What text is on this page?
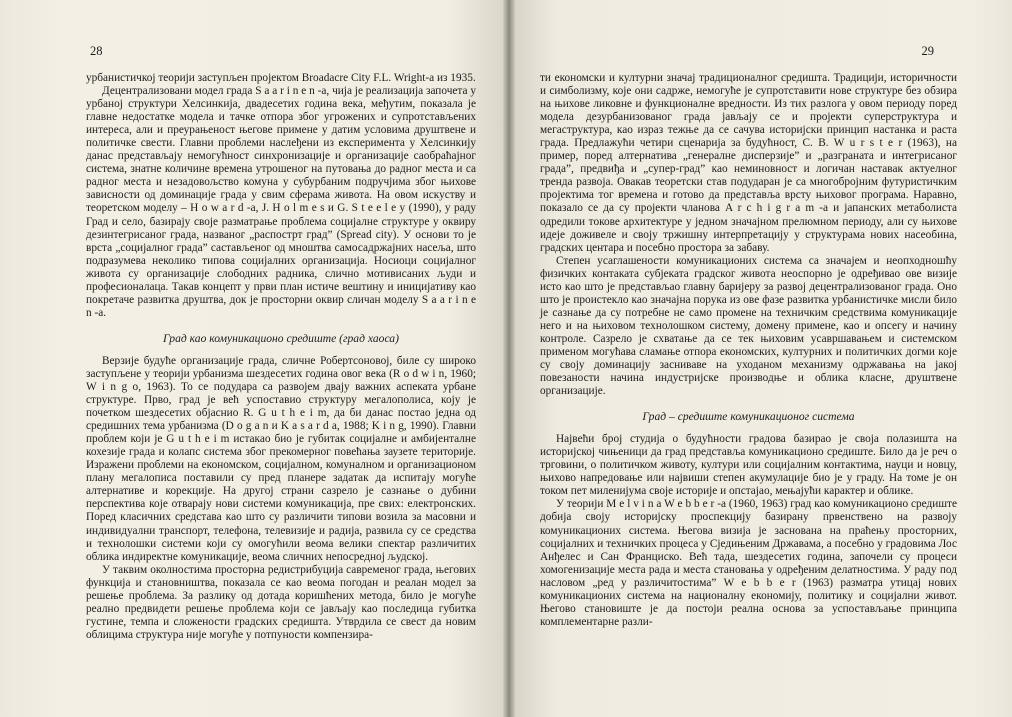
28

урбанистичкој теорији заступљен пројектом Broadacre City F.L. Wright-а из 1935.

Децентрализовани модел града S a a r i n e n -а, чија је реализација започета у урбаној структури Хелсинкија, двадесетих година века, међутим, показала је главне недостатке модела и тачке отпора због угрожених и супротстављених интереса, али и преурањеност његове примене у датим условима друштвене и политичке свести. Главни проблеми наслеђени из експеримента у Хелсинкију данас представљају немогућност синхронизације и организације саобраћајног система, знатне количине времена утрошеног на путовања до радног места и са радног места и незадовољство комуна у субурбаним подручјима због њихове зависности од доминације града у свим сферама живота. На овом искуству и теоретском моделу – H o w a r d -а, J. H o l m e s и G. S t e e l e y (1990), у раду Град и село, базирају своје разматрање проблема социјалне структуре у оквиру дезинтегрисаног града, названог „распострт град” (Spread city). У основи то је врста „социјалног града” састављеног од мноштва самосадржајних насеља, што подразумева неколико типова социјалних организација. Носиоци социјалног живота су организације слободних радника, слично мотивисаних људи и професионалаца. Такав концепт у први план истиче вештину и иницијативу као покретаче развитка друштва, док је просторни оквир сличан моделу S a a r i n e n -а.

Град као комуникационо средиште (град хаоса)

Верзије будуће организације града, сличне Робертсоновој, биле су широко заступљене у теорији урбанизма шездесетих година овог века (R o d w i n, 1960; W i n g o, 1963). То се подудара са развојем двају важних аспеката урбане структуре. Прво, град је већ успоставио структуру мегалополиса, којy je почетком шездесетих објаснио R. G u t h e i m, да би данас постао једна од средишних тема урбанизма (D o g a n и K a s a r d a, 1988; K i n g, 1990). Главни проблем који је G u t h e i m истакао био је губитак социјалне и амбијенталне кохезије града и колапс система због прекомерног повећања заузете територије. Изражени проблеми на економском, социјалном, комуналном и организационом плану мегалописа поставили су пред планере задатак да испитају могуће алтернативе и корекције. На другој страни сазрело је сазнање о дубини перспектива које отварају нови системи комуникација, пре свих: електронских. Поред класичних средстава као што су различити типови возила за масовни и индивидуални транспорт, телефона, телевизије и радија, развила су се средства и технолошки системи који су омогућили веома велики спектар различитих облика индиректне комуникације, веома сличних непосредној људској.

У таквим околностима просторна редистрибуција савременог града, његових функција и становништва, показала се као веома погодан и реалан модел за решење проблема. За разлику од дотада коришћених метода, било је могуће реално предвидети решење проблема који се јављају као последица губитка густине, темпа и сложености градских средишта. Утврдила се свест да новим облицима структура није могуће у потпуности компензира-

29

ти економски и културни значај традиционалног средишта. Традицији, историчности и симболизму, које они садрже, немогуће је супротставити нове структуре без обзира на њихове ликовне и функционалне вредности. Из тих разлога у овом периоду поред модела дезурбанизованог града јављају се и пројекти суперструктура и мегаструктура, као израз тежње да се сачува историјски принцип настанка и раста града. Предлажући четири сценарија за будућност, C. B. W u r s t e r (1963), на пример, поред алтернатива „генералне дисперзије” и „разграната и интегрисаног града”, предвиђа и „супер-град” као неминовност и логичан наставак актуелног тренда развоја. Овакав теоретски став подударан је са многобројним футуристичким пројектима тог времена и готово да представља врсту њиховог програма. Наравно, показало се да су пројекти чланова A r c h i g r a m -а и јапанских метаболиста одредили токове архитектуре у једном значајном прелюмном периоду, али су њихове идеје доживеле и своју тржишну интерпретацију у структурама нових насеобина, градских центара и посебно простора за забаву.

Степен усаглашености комуникационих система са значајем и неопходношћу физичких контаката субјеката градског живота неоспорно је одређивао ове визије исто као што је представљао главну баријеру за развој децентрализованог града. Оно што је проистекло као значајна порука из ове фазе развитка урбанистичке мисли било је сазнање да су потребне не само промене на техничким средствима комуникације него и на њиховом технолошком систему, домену примене, као и опсегу и начину контроле. Сазрело је схватање да се тек њиховим усавршавањем и системском применом могућава сламање отпора економских, културних и политичких догми које су своју доминацију засниваве на уходаном механизму одржавања на јакој повезаности начина индустријске производње и облика класне, друштвене организације.

Град – средиште комуникационог система

Највећи број студија о будућности градова базирао је своја полазишта на историјској чињеници да град представља комуникационо средиште. Било да је реч о трговини, о политичком животу, култури или социјалним контактима, науци и новцу, њихово напредовање или највиши степен акумулације био је у граду. На томе је он током пет миленијума своје историје и опстајао, мењајући карактер и облике.

У теорији M e l v i n a W e b b e r -а (1960, 1963) град као комуникационо средиште добија своју историјску проспекцију базирану првенствено на развоју комуникационих система. Његова визија је заснована на праћењу просторних, социјалних и техничких процеса у Сједињеним Државама, а посебно у градовима Лос Анђелес и Сан Франциско. Већ тада, шездесетих година, започели су процеси хомогенизације места рада и места становања у одређеним делатностима. У раду под насловом „ред у различитостима” W e b b e r (1963) разматра утицај нових комуникационих система на националну економију, политику и социјални живот. Његово становиште је да постоји реална основа за успостављање принципа комплементарне разли-
